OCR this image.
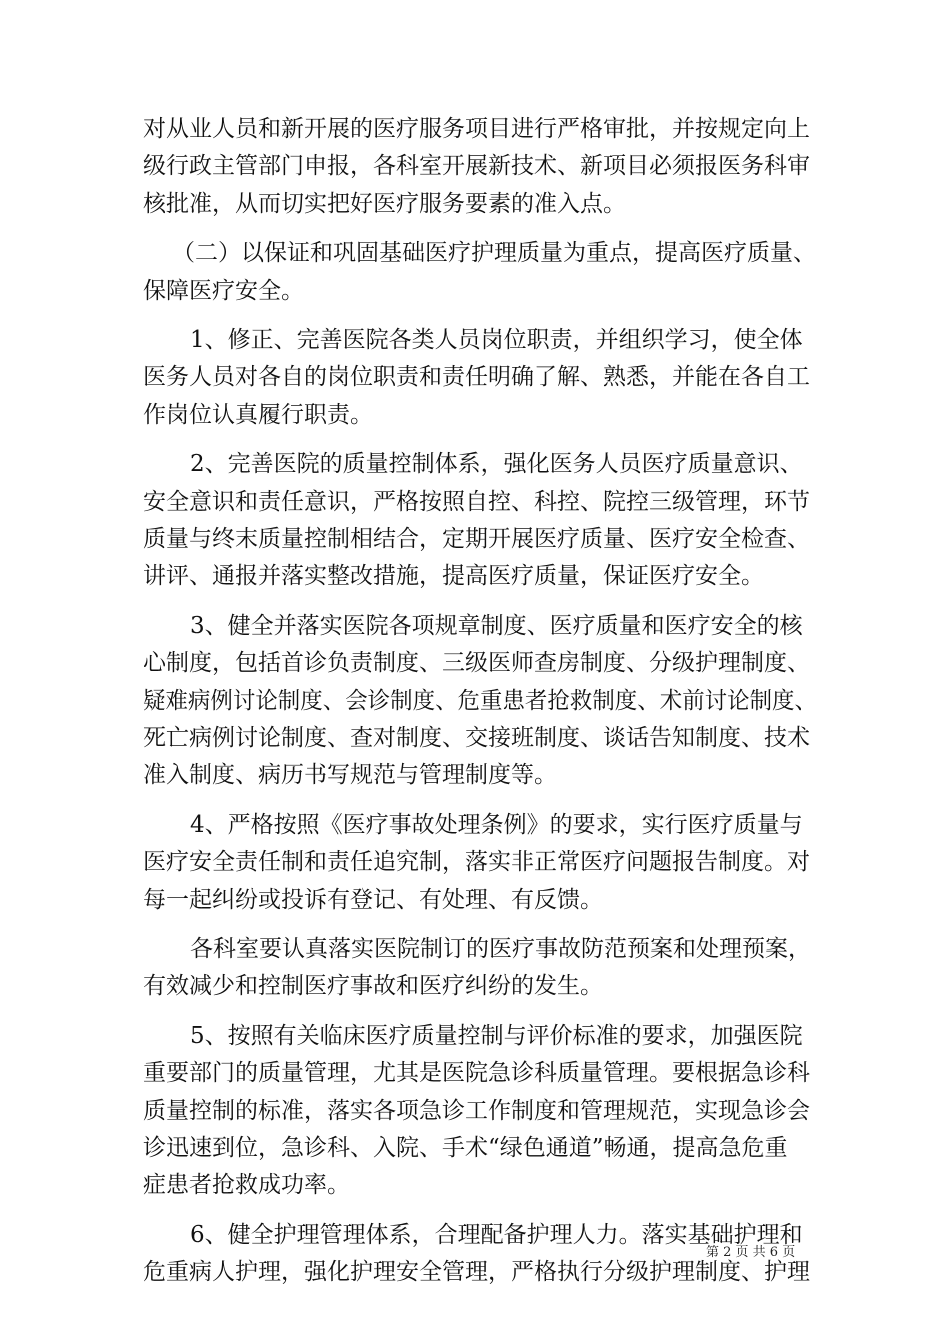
对从业人员和新开展的医疗服务项目进行严格审批，并按规定向上
级行政主管部门申报，各科室开展新技术、新项目必须报医务科审
核批准，从而切实把好医疗服务要素的准入点。
（二）以保证和巩固基础医疗护理质量为重点，提高医疗质量、
保障医疗安全。
1、修正、完善医院各类人员岗位职责，并组织学习，使全体
医务人员对各自的岗位职责和责任明确了解、熟悉，并能在各自工
作岗位认真履行职责。
2、完善医院的质量控制体系，强化医务人员医疗质量意识、
安全意识和责任意识，严格按照自控、科控、院控三级管理，环节
质量与终末质量控制相结合，定期开展医疗质量、医疗安全检查、
讲评、通报并落实整改措施，提高医疗质量，保证医疗安全。
3、健全并落实医院各项规章制度、医疗质量和医疗安全的核
心制度，包括首诊负责制度、三级医师查房制度、分级护理制度、
疑难病例讨论制度、会诊制度、危重患者抢救制度、术前讨论制度、
死亡病例讨论制度、查对制度、交接班制度、谈话告知制度、技术
准入制度、病历书写规范与管理制度等。
4、严格按照《医疗事故处理条例》的要求，实行医疗质量与
医疗安全责任制和责任追究制，落实非正常医疗问题报告制度。对
每一起纠纷或投诉有登记、有处理、有反馈。
各科室要认真落实医院制订的医疗事故防范预案和处理预案，
有效减少和控制医疗事故和医疗纠纷的发生。
5、按照有关临床医疗质量控制与评价标准的要求，加强医院
重要部门的质量管理，尤其是医院急诊科质量管理。要根据急诊科
质量控制的标准，落实各项急诊工作制度和管理规范，实现急诊会
诊迅速到位，急诊科、入院、手术“绿色通道”畅通，提高急危重
症患者抢救成功率。
6、健全护理管理体系，合理配备护理人力。落实基础护理和
危重病人护理，强化护理安全管理，严格执行分级护理制度、护理
第 2 页 共 6 页
